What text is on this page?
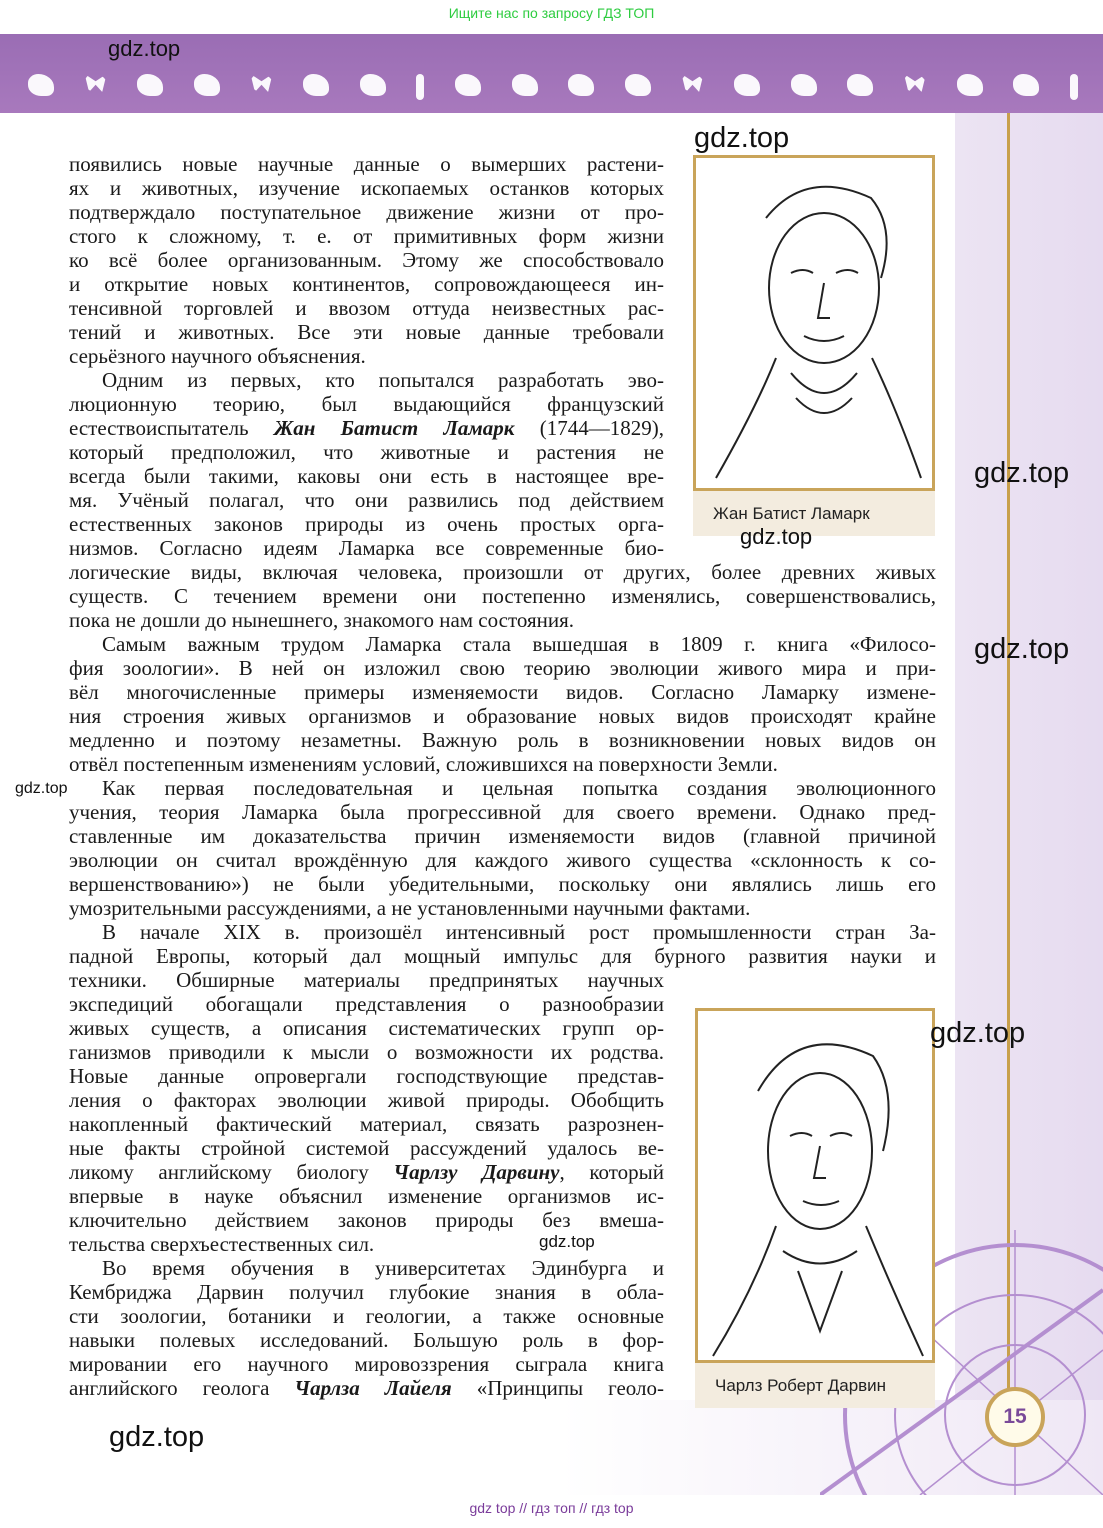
Ищите нас по запросу ГДЗ ТОП
появились новые научные данные о вымерших растени-
ях и животных, изучение ископаемых останков которых
подтверждало поступательное движение жизни от про-
стого к сложному, т. е. от примитивных форм жизни
ко всё более организованным. Этому же способствовало
и открытие новых континентов, сопровождающееся ин-
тенсивной торговлей и ввозом оттуда неизвестных рас-
тений и животных. Все эти новые данные требовали
серьёзного научного объяснения.
Одним из первых, кто попытался разработать эво-
люционную теорию, был выдающийся французский
естествоиспытатель Жан Батист Ламарк (1744—1829),
который предположил, что животные и растения не
всегда были такими, каковы они есть в настоящее вре-
мя. Учёный полагал, что они развились под действием
естественных законов природы из очень простых орга-
низмов. Согласно идеям Ламарка все современные био-
логические виды, включая человека, произошли от других, более древних живых
существ. С течением времени они постепенно изменялись, совершенствовались,
пока не дошли до нынешнего, знакомого нам состояния.
Самым важным трудом Ламарка стала вышедшая в 1809 г. книга «Филосо-
фия зоологии». В ней он изложил свою теорию эволюции живого мира и при-
вёл многочисленные примеры изменяемости видов. Согласно Ламарку измене-
ния строения живых организмов и образование новых видов происходят крайне
медленно и поэтому незаметны. Важную роль в возникновении новых видов он
отвёл постепенным изменениям условий, сложившихся на поверхности Земли.
Как первая последовательная и цельная попытка создания эволюционного
учения, теория Ламарка была прогрессивной для своего времени. Однако пред-
ставленные им доказательства причин изменяемости видов (главной причиной
эволюции он считал врождённую для каждого живого существа «склонность к со-
вершенствованию») не были убедительными, поскольку они являлись лишь его
умозрительными рассуждениями, а не установленными научными фактами.
В начале XIX в. произошёл интенсивный рост промышленности стран За-
падной Европы, который дал мощный импульс для бурного развития науки и
техники. Обширные материалы предпринятых научных
экспедиций обогащали представления о разнообразии
живых существ, а описания систематических групп ор-
ганизмов приводили к мысли о возможности их родства.
Новые данные опровергали господствующие представ-
ления о факторах эволюции живой природы. Обобщить
накопленный фактический материал, связать разрознен-
ные факты стройной системой рассуждений удалось ве-
ликому английскому биологу Чарлзу Дарвину, который
впервые в науке объяснил изменение организмов ис-
ключительно действием законов природы без вмеша-
тельства сверхъестественных сил.
Во время обучения в университетах Эдинбурга и
Кембриджа Дарвин получил глубокие знания в обла-
сти зоологии, ботаники и геологии, а также основные
навыки полевых исследований. Большую роль в фор-
мировании его научного мировоззрения сыграла книга
английского геолога Чарлза Лайеля «Принципы геоло-
Жан Батист Ламарк
Чарлз Роберт Дарвин
15
gdz.top
gdz.top
gdz.top
gdz.top
gdz.top
gdz.top
gdz.top
gdz.top
gdz.top
gdz top // гдз топ // гдз top
